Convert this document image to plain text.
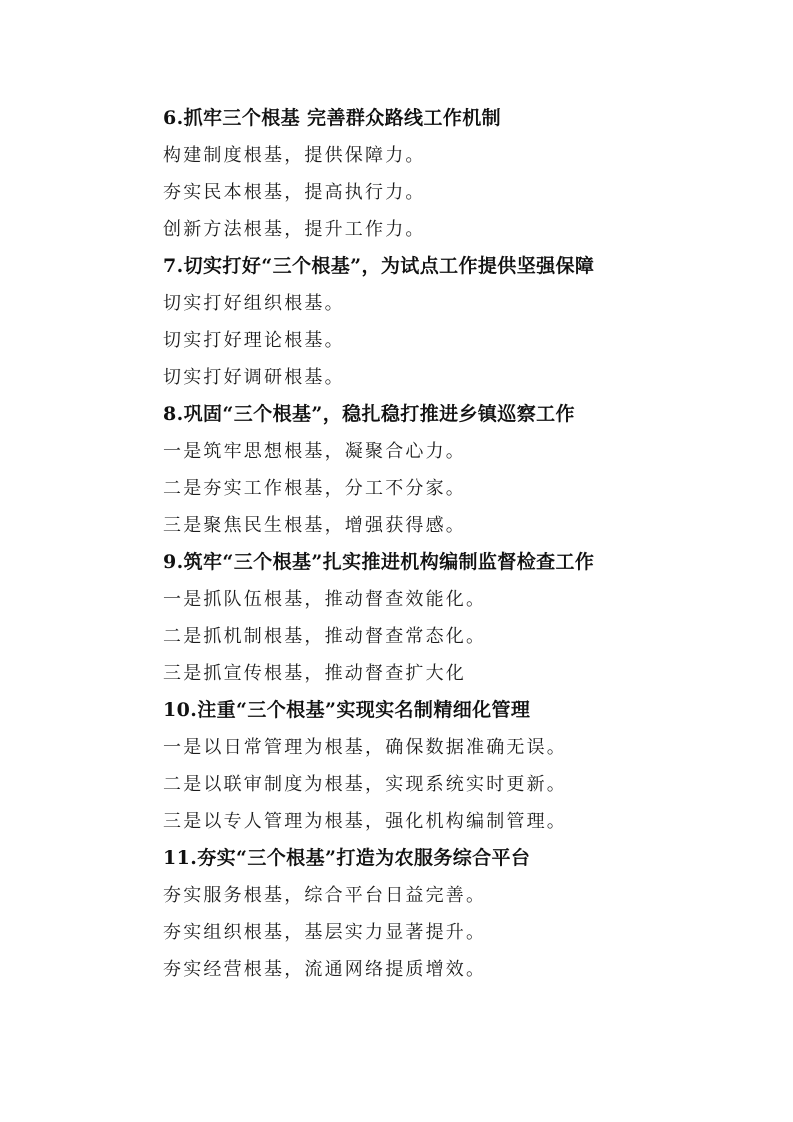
6.抓牢三个根基 完善群众路线工作机制
构建制度根基，提供保障力。
夯实民本根基，提高执行力。
创新方法根基，提升工作力。
7.切实打好“三个根基”，为试点工作提供坚强保障
切实打好组织根基。
切实打好理论根基。
切实打好调研根基。
8.巩固“三个根基”，稳扎稳打推进乡镇巡察工作
一是筑牢思想根基，凝聚合心力。
二是夯实工作根基，分工不分家。
三是聚焦民生根基，增强获得感。
9.筑牢“三个根基”扎实推进机构编制监督检查工作
一是抓队伍根基，推动督查效能化。
二是抓机制根基，推动督查常态化。
三是抓宣传根基，推动督查扩大化
10.注重“三个根基”实现实名制精细化管理
一是以日常管理为根基，确保数据准确无误。
二是以联审制度为根基，实现系统实时更新。
三是以专人管理为根基，强化机构编制管理。
11.夯实“三个根基”打造为农服务综合平台
夯实服务根基，综合平台日益完善。
夯实组织根基，基层实力显著提升。
夯实经营根基，流通网络提质增效。
